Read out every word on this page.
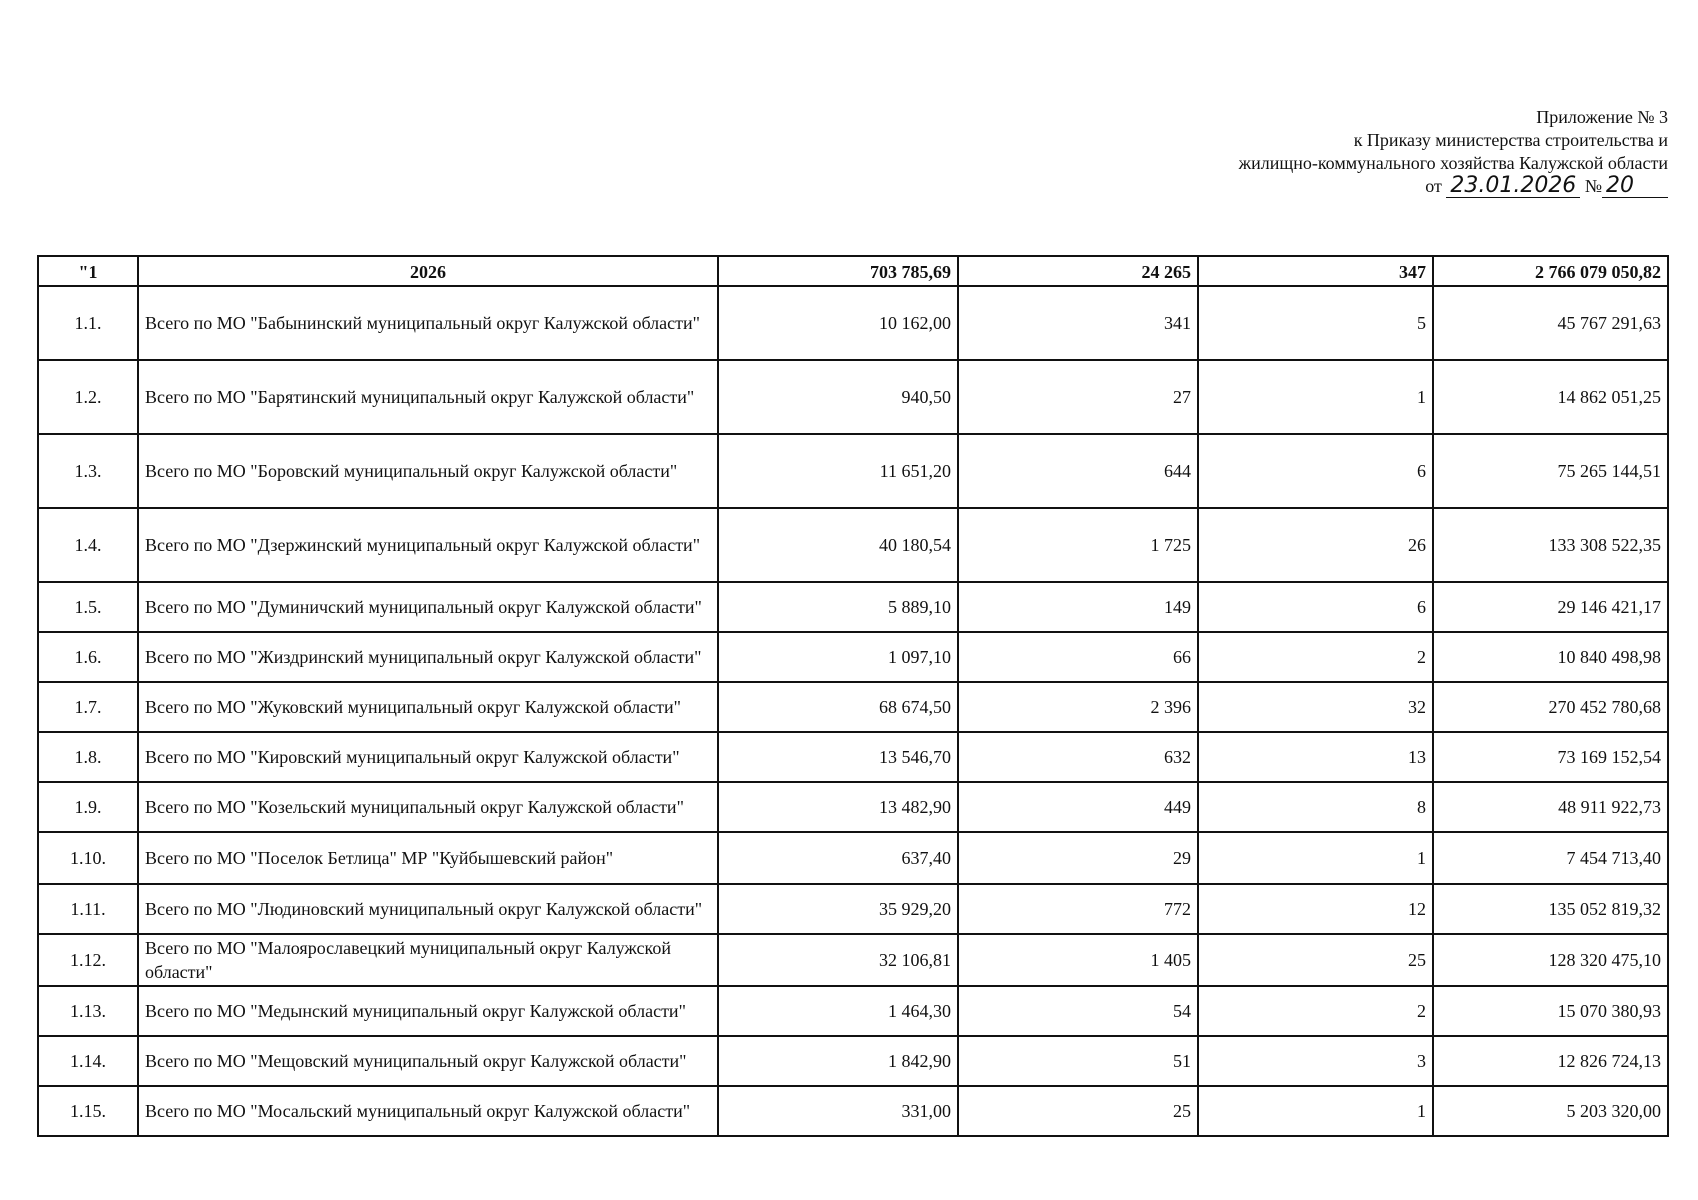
Приложение № 3
к Приказу министерства строительства и
жилищно-коммунального хозяйства Калужской области
от 23.01.2026 № 20
"1	2026	703 785,69	24 265	347	2 766 079 050,82
1.1.	Всего по МО "Бабынинский муниципальный округ Калужской области"	10 162,00	341	5	45 767 291,63
1.2.	Всего по МО "Барятинский муниципальный округ Калужской области"	940,50	27	1	14 862 051,25
1.3.	Всего по МО "Боровский муниципальный округ Калужской области"	11 651,20	644	6	75 265 144,51
1.4.	Всего по МО "Дзержинский муниципальный округ Калужской области"	40 180,54	1 725	26	133 308 522,35
1.5.	Всего по МО "Думиничский муниципальный округ Калужской области"	5 889,10	149	6	29 146 421,17
1.6.	Всего по МО "Жиздринский муниципальный округ Калужской области"	1 097,10	66	2	10 840 498,98
1.7.	Всего по МО "Жуковский муниципальный округ Калужской области"	68 674,50	2 396	32	270 452 780,68
1.8.	Всего по МО "Кировский муниципальный округ Калужской области"	13 546,70	632	13	73 169 152,54
1.9.	Всего по МО "Козельский муниципальный округ Калужской области"	13 482,90	449	8	48 911 922,73
1.10.	Всего по МО "Поселок Бетлица" МР "Куйбышевский район"	637,40	29	1	7 454 713,40
1.11.	Всего по МО "Людиновский муниципальный округ Калужской области"	35 929,20	772	12	135 052 819,32
1.12.	Всего по МО "Малоярославецкий муниципальный округ Калужской области"	32 106,81	1 405	25	128 320 475,10
1.13.	Всего по МО "Медынский муниципальный округ Калужской области"	1 464,30	54	2	15 070 380,93
1.14.	Всего по МО "Мещовский муниципальный округ Калужской области"	1 842,90	51	3	12 826 724,13
1.15.	Всего по МО "Мосальский муниципальный округ Калужской области"	331,00	25	1	5 203 320,00
